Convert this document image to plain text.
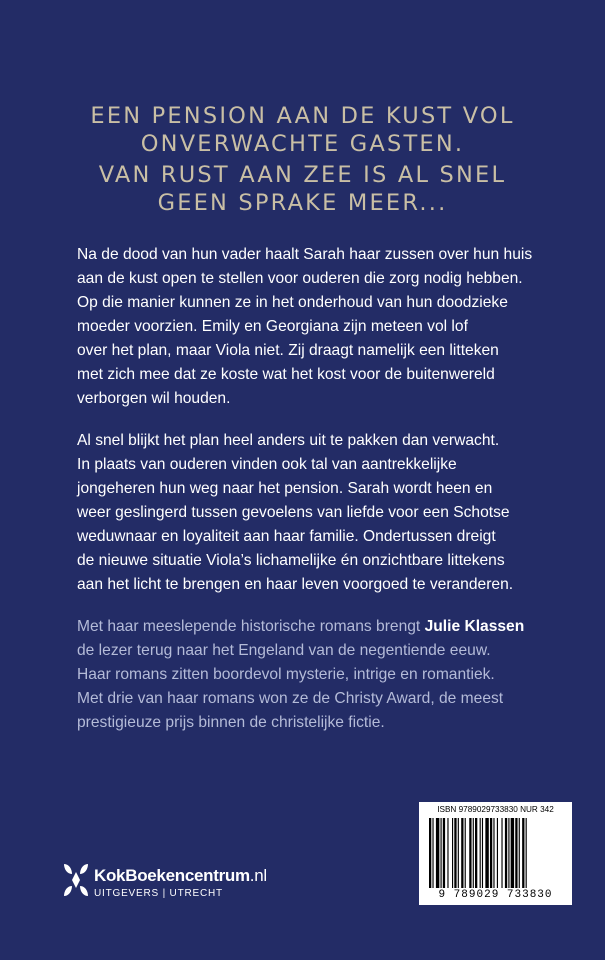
EEN PENSION AAN DE KUST VOL
ONVERWACHTE GASTEN.
VAN RUST AAN ZEE IS AL SNEL
GEEN SPRAKE MEER...
Na de dood van hun vader haalt Sarah haar zussen over hun huis
aan de kust open te stellen voor ouderen die zorg nodig hebben.
Op die manier kunnen ze in het onderhoud van hun doodzieke
moeder voorzien. Emily en Georgiana zijn meteen vol lof
over het plan, maar Viola niet. Zij draagt namelijk een litteken
met zich mee dat ze koste wat het kost voor de buitenwereld
verborgen wil houden.
Al snel blijkt het plan heel anders uit te pakken dan verwacht.
In plaats van ouderen vinden ook tal van aantrekkelijke
jongeheren hun weg naar het pension. Sarah wordt heen en
weer geslingerd tussen gevoelens van liefde voor een Schotse
weduwnaar en loyaliteit aan haar familie. Ondertussen dreigt
de nieuwe situatie Viola’s lichamelijke én onzichtbare littekens
aan het licht te brengen en haar leven voorgoed te veranderen.
Met haar meeslepende historische romans brengt Julie Klassen
de lezer terug naar het Engeland van de negentiende eeuw.
Haar romans zitten boordevol mysterie, intrige en romantiek.
Met drie van haar romans won ze de Christy Award, de meest
prestigieuze prijs binnen de christelijke fictie.
ISBN 9789029733830 NUR 342
9 789029 733830
KokBoekencentrum.nl
UITGEVERS | UTRECHT
